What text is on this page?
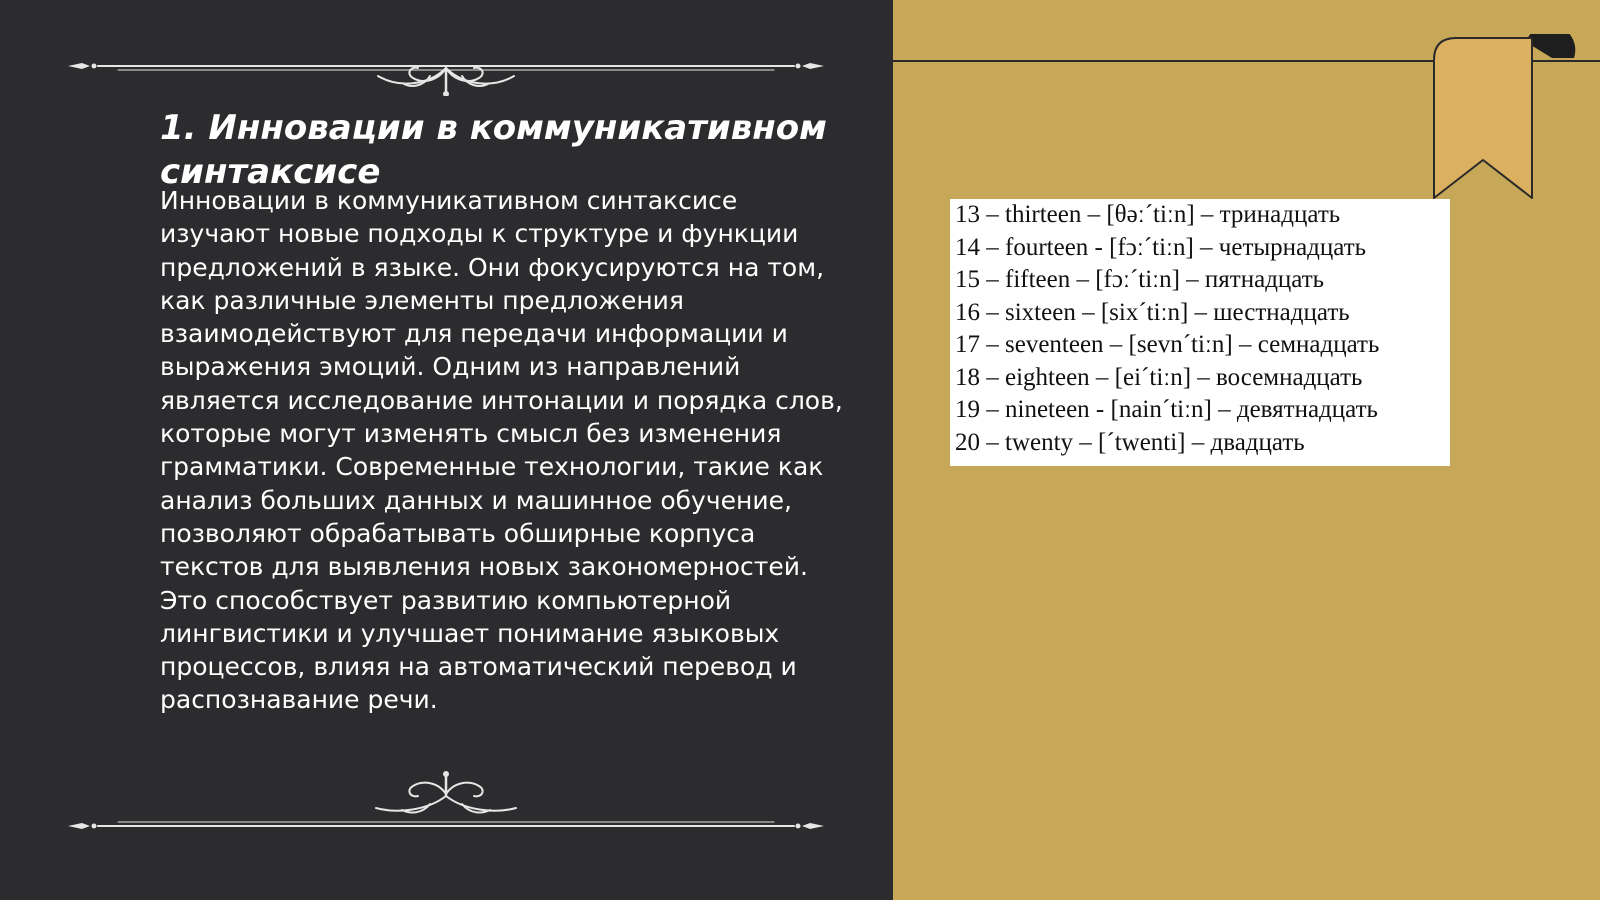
1. Инновации в коммуникативном синтаксисе

Инновации в коммуникативном синтаксисе изучают новые подходы к структуре и функции предложений в языке. Они фокусируются на том, как различные элементы предложения взаимодействуют для передачи информации и выражения эмоций. Одним из направлений является исследование интонации и порядка слов, которые могут изменять смысл без изменения грамматики. Современные технологии, такие как анализ больших данных и машинное обучение, позволяют обрабатывать обширные корпуса текстов для выявления новых закономерностей. Это способствует развитию компьютерной лингвистики и улучшает понимание языковых процессов, влияя на автоматический перевод и распознавание речи.

13 – thirteen – [θəːˊtiːn] – тринадцать
14 – fourteen - [fɔːˊtiːn] – четырнадцать
15 – fifteen – [fɔːˊtiːn] – пятнадцать
16 – sixteen – [sixˊtiːn] – шестнадцать
17 – seventeen – [sevnˊtiːn] – семнадцать
18 – eighteen – [eiˊtiːn] – восемнадцать
19 – nineteen - [nainˊtiːn] – девятнадцать
20 – twenty – [ˊtwenti] – двадцать
